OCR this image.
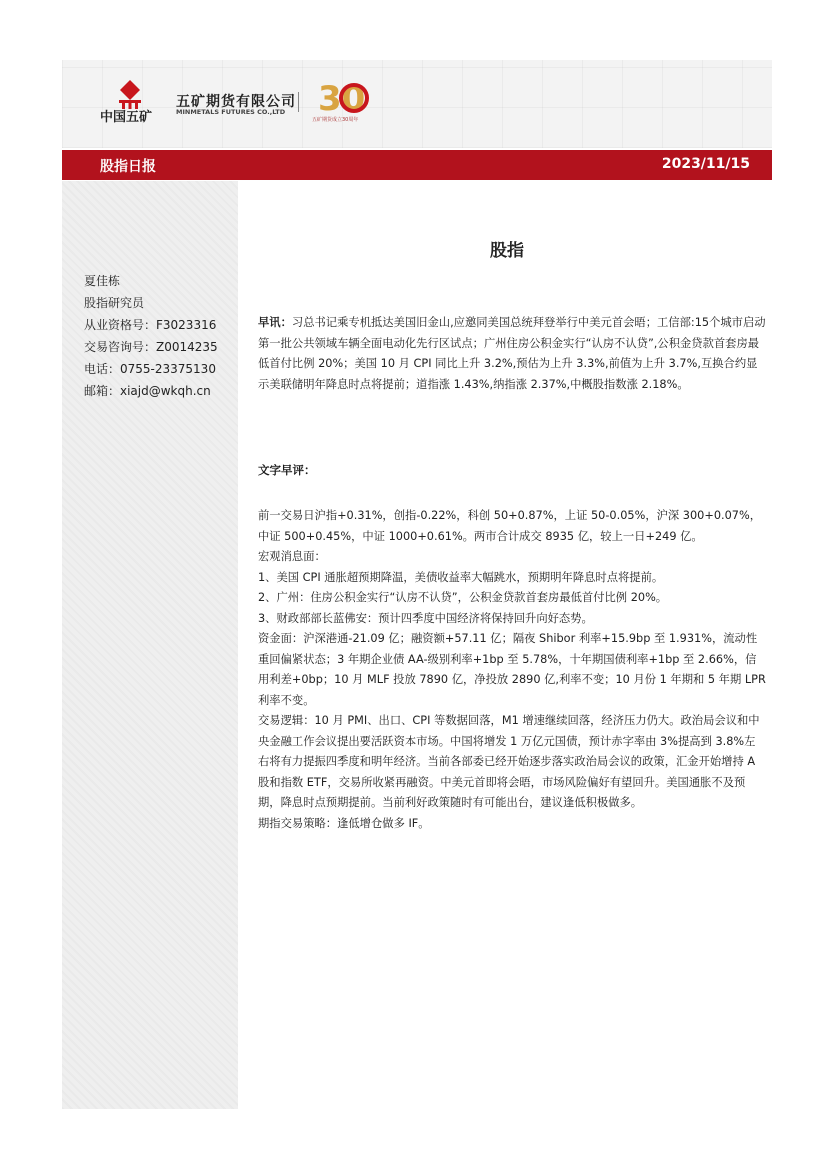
中国五矿
五矿期货有限公司
MINMETALS FUTURES CO.,LTD 30
五矿期货成立30周年
股指日报	2023/11/15
夏佳栋
股指研究员
从业资格号：F3023316
交易咨询号：Z0014235
电话：0755-23375130
邮箱：xiajd@wkqh.cn
股指
早讯：习总书记乘专机抵达美国旧金山,应邀同美国总统拜登举行中美元首会晤；工信部:15个城市启动第一批公共领域车辆全面电动化先行区试点；广州住房公积金实行“认房不认贷”,公积金贷款首套房最低首付比例 20%；美国 10 月 CPI 同比上升 3.2%,预估为上升 3.3%,前值为上升 3.7%,互换合约显示美联储明年降息时点将提前；道指涨 1.43%,纳指涨 2.37%,中概股指数涨 2.18%。
文字早评：

前一交易日沪指+0.31%，创指-0.22%，科创 50+0.87%，上证 50-0.05%，沪深 300+0.07%，中证 500+0.45%，中证 1000+0.61%。两市合计成交 8935 亿，较上一日+249 亿。

宏观消息面：

1、美国 CPI 通胀超预期降温，美债收益率大幅跳水，预期明年降息时点将提前。

2、广州：住房公积金实行“认房不认贷”，公积金贷款首套房最低首付比例 20%。

3、财政部部长蓝佛安：预计四季度中国经济将保持回升向好态势。

资金面：沪深港通-21.09 亿；融资额+57.11 亿；隔夜 Shibor 利率+15.9bp 至 1.931%，流动性重回偏紧状态；3 年期企业债 AA-级别利率+1bp 至 5.78%，十年期国债利率+1bp 至 2.66%，信用利差+0bp；10 月 MLF 投放 7890 亿，净投放 2890 亿,利率不变；10 月份 1 年期和 5 年期 LPR 利率不变。

交易逻辑：10 月 PMI、出口、CPI 等数据回落，M1 增速继续回落，经济压力仍大。政治局会议和中央金融工作会议提出要活跃资本市场。中国将增发 1 万亿元国债，预计赤字率由 3%提高到 3.8%左右将有力提振四季度和明年经济。当前各部委已经开始逐步落实政治局会议的政策，汇金开始增持 A 股和指数 ETF，交易所收紧再融资。中美元首即将会晤，市场风险偏好有望回升。美国通胀不及预期，降息时点预期提前。当前利好政策随时有可能出台，建议逢低积极做多。

期指交易策略：逢低增仓做多 IF。
